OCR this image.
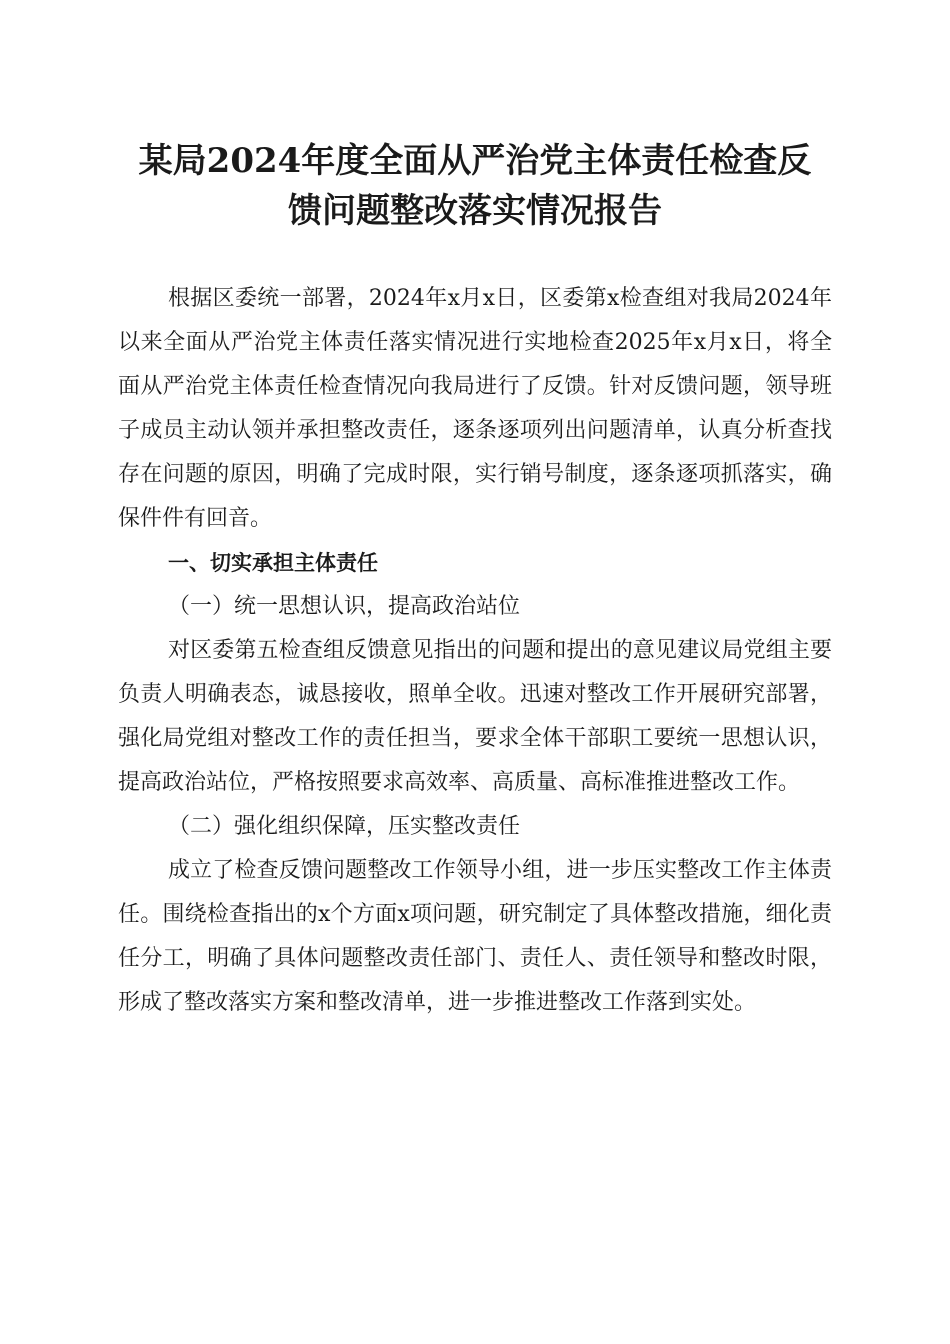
某局2024年度全面从严治党主体责任检查反
馈问题整改落实情况报告

根据区委统一部署，2024年x月x日，区委第x检查组对我局2024年以来全面从严治党主体责任落实情况进行实地检查2025年x月x日，将全面从严治党主体责任检查情况向我局进行了反馈。针对反馈问题，领导班子成员主动认领并承担整改责任，逐条逐项列出问题清单，认真分析查找存在问题的原因，明确了完成时限，实行销号制度，逐条逐项抓落实，确保件件有回音。

一、切实承担主体责任

（一）统一思想认识，提高政治站位

对区委第五检查组反馈意见指出的问题和提出的意见建议局党组主要负责人明确表态，诚恳接收，照单全收。迅速对整改工作开展研究部署，强化局党组对整改工作的责任担当，要求全体干部职工要统一思想认识，提高政治站位，严格按照要求高效率、高质量、高标准推进整改工作。

（二）强化组织保障，压实整改责任

成立了检查反馈问题整改工作领导小组，进一步压实整改工作主体责任。围绕检查指出的x个方面x项问题，研究制定了具体整改措施，细化责任分工，明确了具体问题整改责任部门、责任人、责任领导和整改时限，形成了整改落实方案和整改清单，进一步推进整改工作落到实处。
